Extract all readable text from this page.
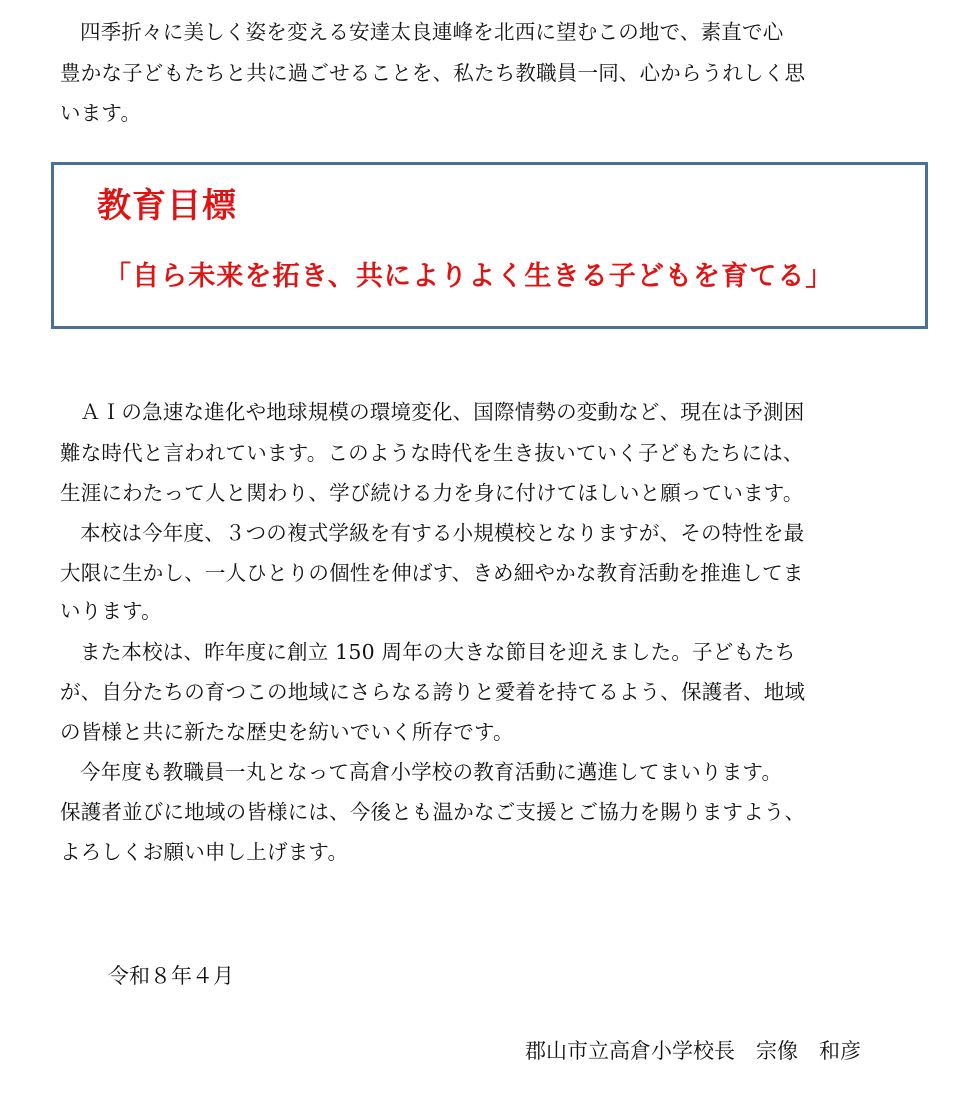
四季折々に美しく姿を変える安達太良連峰を北西に望むこの地で、素直で心
豊かな子どもたちと共に過ごせることを、私たち教職員一同、心からうれしく思
います。
教育目標
「自ら未来を拓き、共によりよく生きる子どもを育てる」
ＡＩの急速な進化や地球規模の環境変化、国際情勢の変動など、現在は予測困
難な時代と言われています。このような時代を生き抜いていく子どもたちには、
生涯にわたって人と関わり、学び続ける力を身に付けてほしいと願っています。
本校は今年度、３つの複式学級を有する小規模校となりますが、その特性を最
大限に生かし、一人ひとりの個性を伸ばす、きめ細やかな教育活動を推進してま
いります。
また本校は、昨年度に創立 150 周年の大きな節目を迎えました。子どもたち
が、自分たちの育つこの地域にさらなる誇りと愛着を持てるよう、保護者、地域
の皆様と共に新たな歴史を紡いでいく所存です。
今年度も教職員一丸となって高倉小学校の教育活動に邁進してまいります。
保護者並びに地域の皆様には、今後とも温かなご支援とご協力を賜りますよう、
よろしくお願い申し上げます。
令和８年４月
郡山市立高倉小学校長　宗像　和彦
